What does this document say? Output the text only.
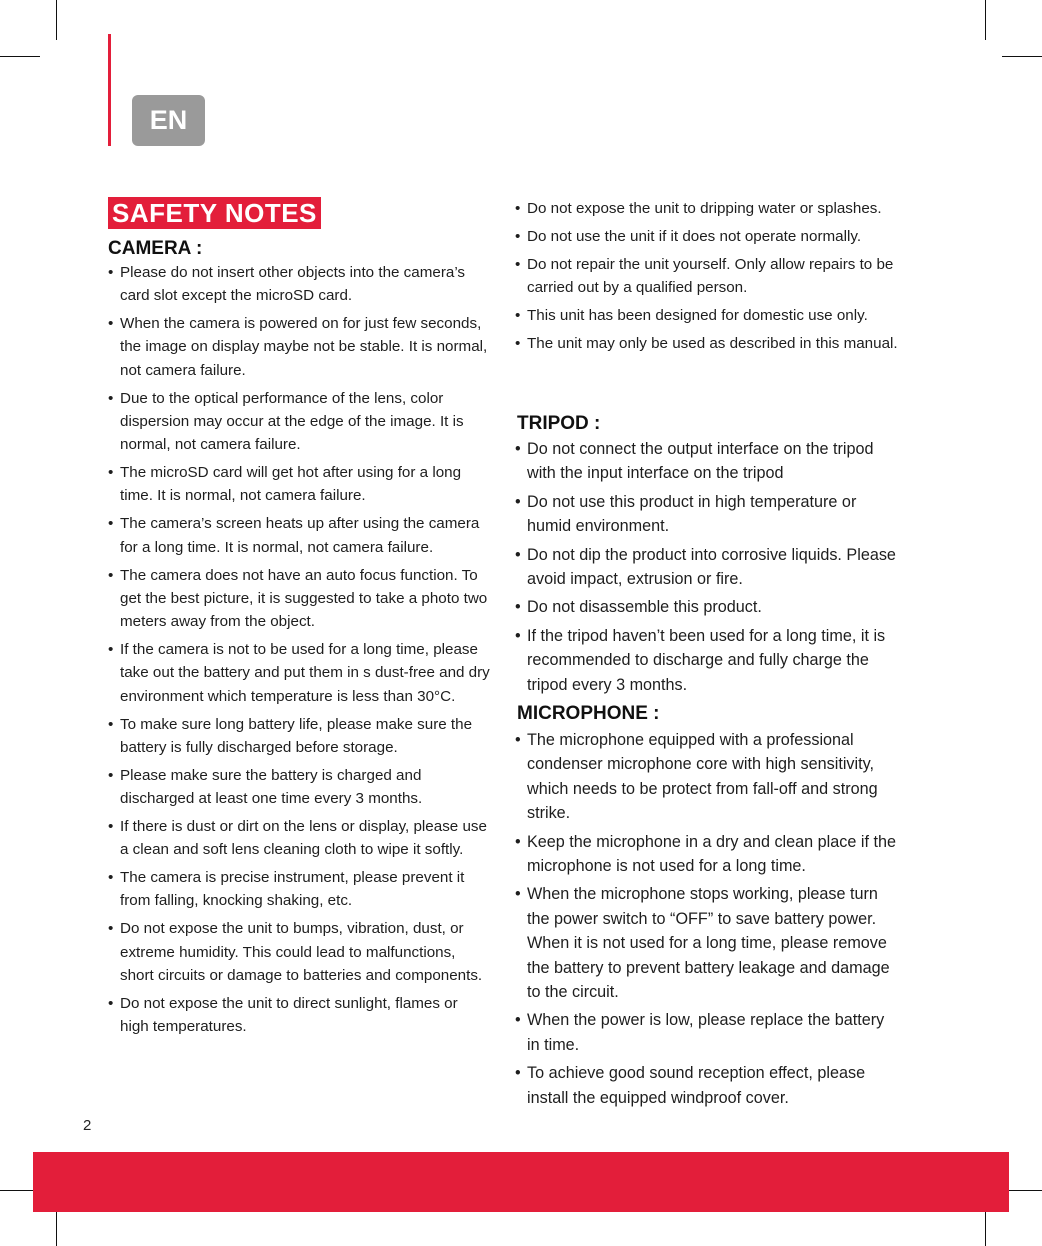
EN
SAFETY NOTES
CAMERA :
• Please do not insert other objects into the camera’s card slot except the microSD card.
• When the camera is powered on for just few seconds, the image on display maybe not be stable. It is normal, not camera failure.
• Due to the optical performance of the lens, color dispersion may occur at the edge of the image. It is normal, not camera failure.
• The microSD card will get hot after using for a long time. It is normal, not camera failure.
• The camera’s screen heats up after using the camera for a long time. It is normal, not camera failure.
• The camera does not have an auto focus function. To get the best picture, it is suggested to take a photo two meters away from the object.
• If the camera is not to be used for a long time, please take out the battery and put them in s dust-free and dry environment which temperature is less than 30°C.
• To make sure long battery life, please make sure the battery is fully discharged before storage.
• Please make sure the battery is charged and discharged at least one time every 3 months.
• If there is dust or dirt on the lens or display, please use a clean and soft lens cleaning cloth to wipe it softly.
• The camera is precise instrument, please prevent it from falling, knocking shaking, etc.
• Do not expose the unit to bumps, vibration, dust, or extreme humidity. This could lead to malfunctions, short circuits or damage to batteries and components.
• Do not expose the unit to direct sunlight, flames or high temperatures.
• Do not expose the unit to dripping water or splashes.
• Do not use the unit if it does not operate normally.
• Do not repair the unit yourself. Only allow repairs to be carried out by a qualified person.
• This unit has been designed for domestic use only.
• The unit may only be used as described in this manual.
TRIPOD :
• Do not connect the output interface on the tripod with the input interface on the tripod
• Do not use this product in high temperature or humid environment.
• Do not dip the product into corrosive liquids. Please avoid impact, extrusion or fire.
• Do not disassemble this product.
• If the tripod haven’t been used for a long time, it is recommended to discharge and fully charge the tripod every 3 months.
MICROPHONE :
• The microphone equipped with a professional condenser microphone core with high sensitivity, which needs to be protect from fall-off and strong strike.
• Keep the microphone in a dry and clean place if the microphone is not used for a long time.
• When the microphone stops working, please turn the power switch to “OFF” to save battery power. When it is not used for a long time, please remove the battery to prevent battery leakage and damage to the circuit.
• When the power is low, please replace the battery in time.
• To achieve good sound reception effect, please install the equipped windproof cover.
2
